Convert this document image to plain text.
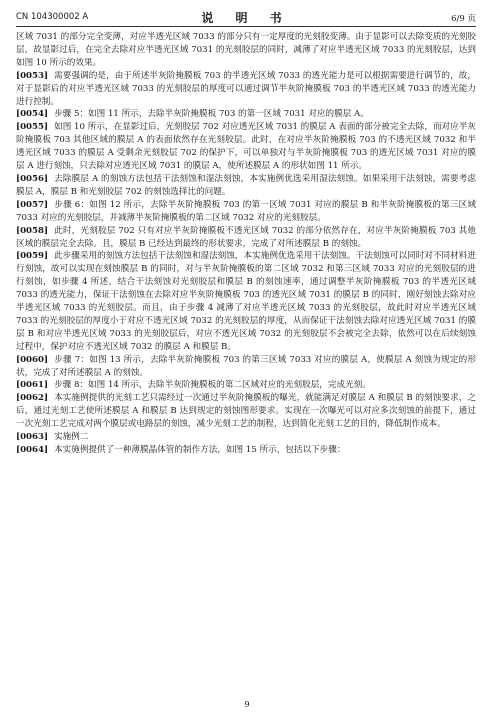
CN 104300002 A	说 明 书	6/9 页

区域 7031 的部分完全变薄，对应半透光区域 7033 的部分只有一定厚度的光刻胶变薄。由于显影可以去除变质的光刻胶层，故显影过后，在完全去除对应半透光区域 7031 的光刻胶层的同时，减薄了对应半透光区域 7033 的光刻胶层，达到如图 10 所示的效果。

[0053] 需要强调的是，由于所述半灰阶掩膜板 703 的半透光区域 7033 的透光能力是可以根据需要进行调节的，故，对于显影后的对应半透光区域 7033 的光刻胶层的厚度可以通过调节半灰阶掩膜板 703 的半透光区域 7033 的透光能力进行控制。

[0054] 步骤 5：如图 11 所示，去除半灰阶掩膜板 703 的第一区域 7031 对应的膜层 A。

[0055] 如图 10 所示，在显影过后，光刻胶层 702 对应透光区域 7031 的膜层 A 表面的部分被完全去除，而对应半灰阶掩膜板 703 其他区域的膜层 A 的表面依然存在光刻胶层。此时，在对应半灰阶掩膜板 703 的不透光区域 7032 和半透光区域 7033 的膜层 A 受剩余光刻胶层 702 的保护下，可以单独对与半灰阶掩膜板 703 的透光区域 7031 对应的膜层 A 进行刻蚀，只去除对应透光区域 7031 的膜层 A，使所述膜层 A 的形状如图 11 所示。

[0056] 去除膜层 A 的刻蚀方法包括干法刻蚀和湿法刻蚀，本实施例优选采用湿法刻蚀。如果采用干法刻蚀，需要考虑膜层 A，膜层 B 和光刻胶层 702 的刻蚀选择比的问题。

[0057] 步骤 6：如图 12 所示，去除半灰阶掩膜板 703 的第一区域 7031 对应的膜层 B 和半灰阶掩膜板的第三区域 7033 对应的光刻胶层，并减薄半灰阶掩膜板的第二区域 7032 对应的光刻胶层。

[0058] 此时，光刻胶层 702 只有对应半灰阶掩膜板不透光区域 7032 的部分依然存在，对应半灰阶掩膜板 703 其他区域的膜层完全去除。且，膜层 B 已经达到最终的形状要求，完成了对所述膜层 B 的刻蚀。

[0059] 此步骤采用的刻蚀方法包括干法刻蚀和湿法刻蚀，本实施例优选采用干法刻蚀。干法刻蚀可以同时对不同材料进行刻蚀，故可以实现在刻蚀膜层 B 的同时，对与半灰阶掩膜板的第二区域 7032 和第三区域 7033 对应的光刻胶层的进行刻蚀，如步骤 4 所述，结合干法刻蚀对光刻胶层和膜层 B 的刻蚀速率，通过调整半灰阶掩膜板 703 的半透光区域 7033 的透光能力，保证干法刻蚀在去除对应半灰阶掩膜板 703 的透光区域 7031 的膜层 B 的同时，刚好刻蚀去除对应半透光区域 7033 的光刻胶层。而且，由于步骤 4 减薄了对应半透光区域 7033 的光刻胶层，故此时对应半透光区域 7033 的光刻胶层的厚度小于对应不透光区域 7032 的光刻胶层的厚度，从而保证干法刻蚀去除对应透光区域 7031 的膜层 B 和对应半透光区域 7033 的光刻胶层后，对应不透光区域 7032 的光刻胶层不会被完全去除，依然可以在后续刻蚀过程中，保护对应不透光区域 7032 的膜层 A 和膜层 B。

[0060] 步骤 7：如图 13 所示，去除半灰阶掩膜板 703 的第三区域 7033 对应的膜层 A，使膜层 A 刻蚀为规定的形状，完成了对所述膜层 A 的刻蚀。

[0061] 步骤 8：如图 14 所示，去除半灰阶掩膜板的第二区域对应的光刻胶层，完成光刻。

[0062] 本实施例提供的光刻工艺只需经过一次通过半灰阶掩膜板的曝光，就能满足对膜层 A 和膜层 B 的刻蚀要求，之后，通过光刻工艺使所述膜层 A 和膜层 B 达到规定的刻蚀图形要求。实现在一次曝光可以对应多次刻蚀的前提下，通过一次光刻工艺完成对两个膜层或电路层的刻蚀，减少光刻工艺的制程，达到简化光刻工艺的目的，降低制作成本。

[0063] 实施例二

[0064] 本实施例提供了一种薄膜晶体管的制作方法，如图 15 所示，包括以下步骤：

9
